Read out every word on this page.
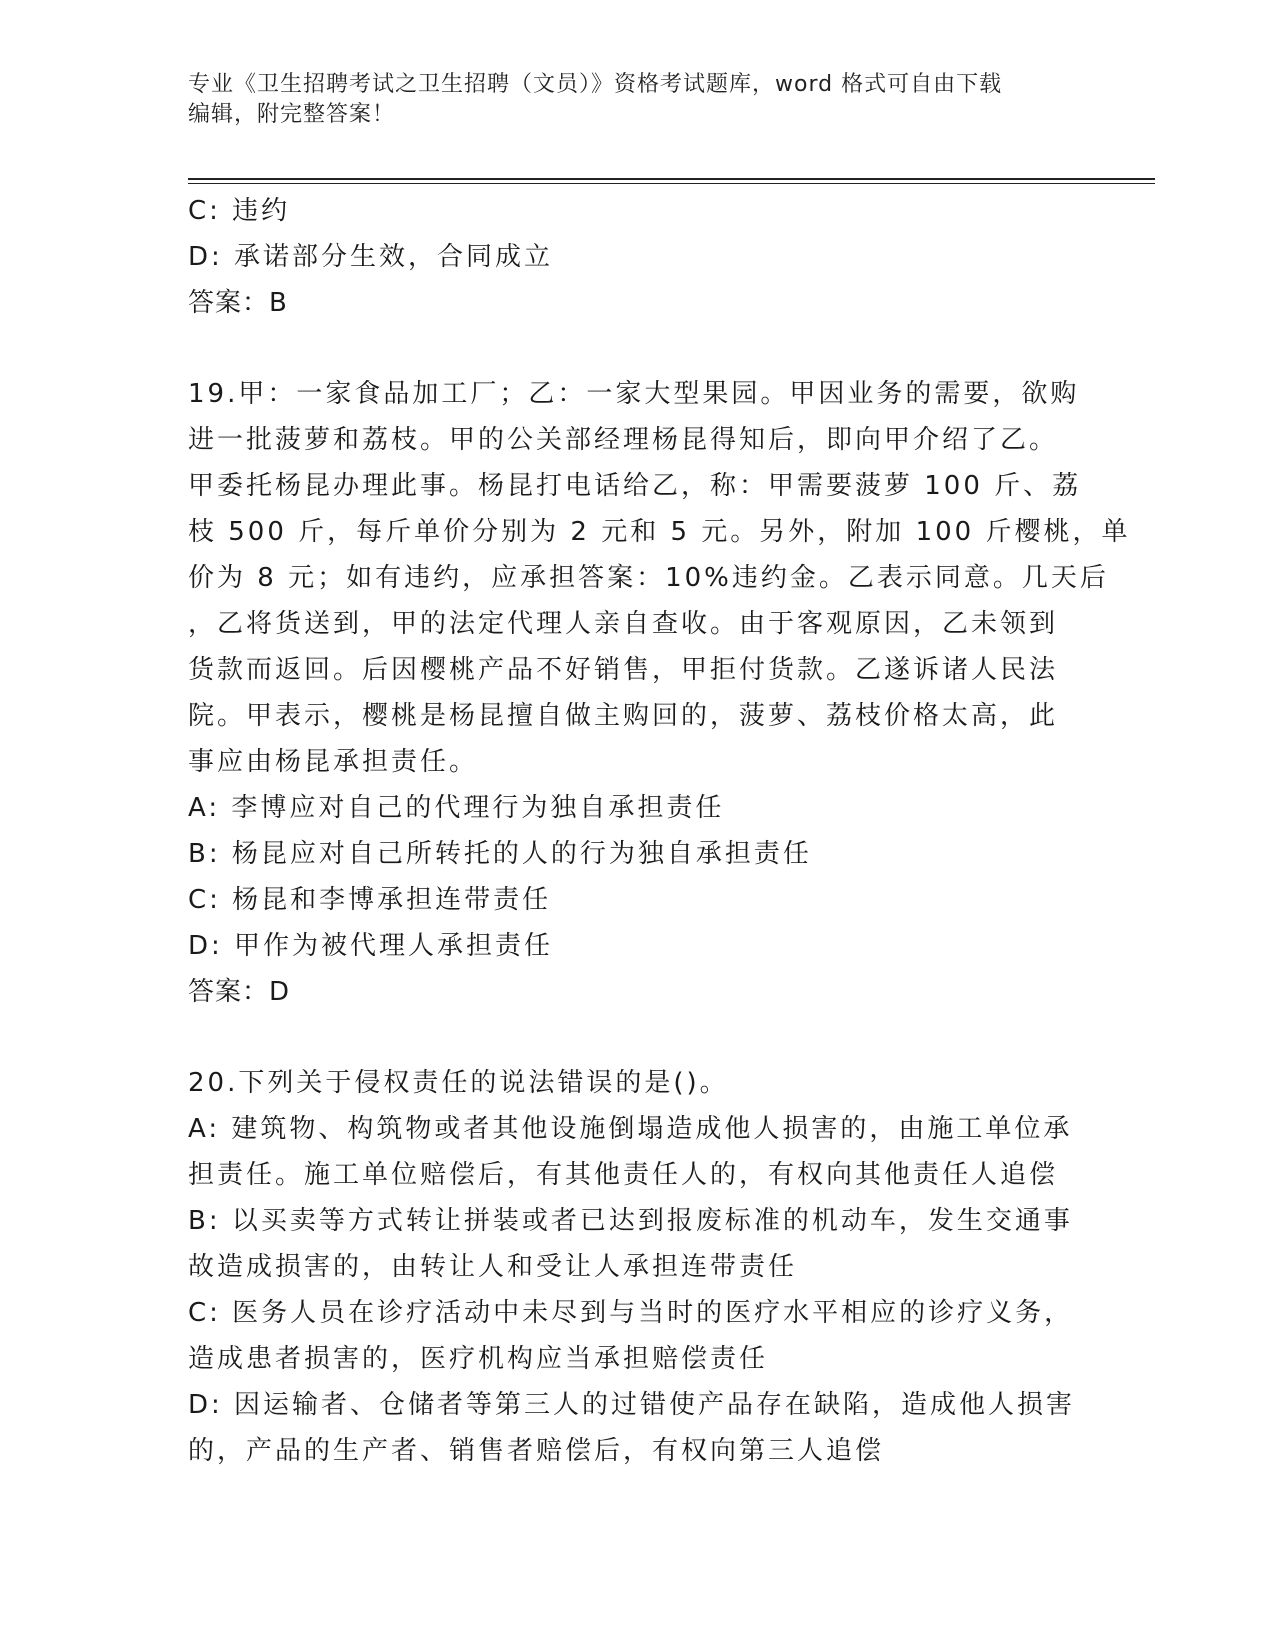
专业《卫生招聘考试之卫生招聘（文员）》资格考试题库，word 格式可自由下载
编辑，附完整答案！
C: 违约
D: 承诺部分生效，合同成立
答案：B
19.甲：一家食品加工厂；乙：一家大型果园。甲因业务的需要，欲购
进一批菠萝和荔枝。甲的公关部经理杨昆得知后，即向甲介绍了乙。
甲委托杨昆办理此事。杨昆打电话给乙，称：甲需要菠萝 100 斤、荔
枝 500 斤，每斤单价分别为 2 元和 5 元。另外，附加 100 斤樱桃，单
价为 8 元；如有违约，应承担答案：10%违约金。乙表示同意。几天后
，乙将货送到，甲的法定代理人亲自查收。由于客观原因，乙未领到
货款而返回。后因樱桃产品不好销售，甲拒付货款。乙遂诉诸人民法
院。甲表示，樱桃是杨昆擅自做主购回的，菠萝、荔枝价格太高，此
事应由杨昆承担责任。
A: 李博应对自己的代理行为独自承担责任
B: 杨昆应对自己所转托的人的行为独自承担责任
C: 杨昆和李博承担连带责任
D: 甲作为被代理人承担责任
答案：D
20.下列关于侵权责任的说法错误的是()。
A: 建筑物、构筑物或者其他设施倒塌造成他人损害的，由施工单位承
担责任。施工单位赔偿后，有其他责任人的，有权向其他责任人追偿
B: 以买卖等方式转让拼装或者已达到报废标准的机动车，发生交通事
故造成损害的，由转让人和受让人承担连带责任
C: 医务人员在诊疗活动中未尽到与当时的医疗水平相应的诊疗义务，
造成患者损害的，医疗机构应当承担赔偿责任
D: 因运输者、仓储者等第三人的过错使产品存在缺陷，造成他人损害
的，产品的生产者、销售者赔偿后，有权向第三人追偿
